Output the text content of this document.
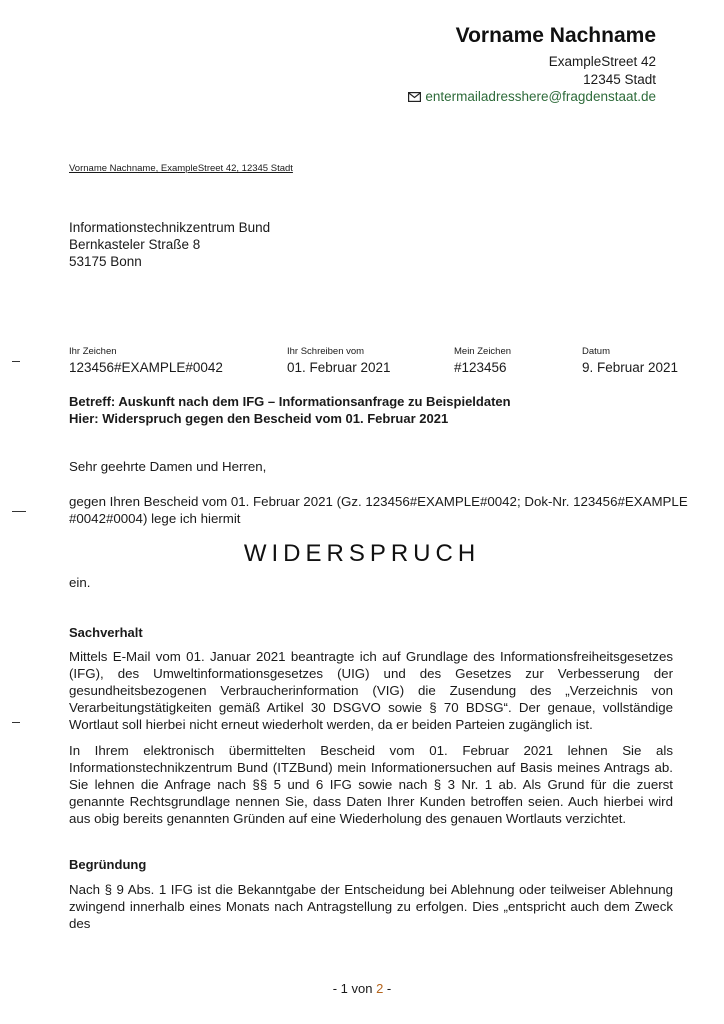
Vorname Nachname
ExampleStreet 42
12345 Stadt
entermailadresshere@fragdenstaat.de
Vorname Nachname, ExampleStreet 42, 12345 Stadt
Informationstechnikzentrum Bund
Bernkasteler Straße 8
53175 Bonn
Ihr Zeichen
123456#EXAMPLE#0042
Ihr Schreiben vom
01. Februar 2021
Mein Zeichen
#123456
Datum
9. Februar 2021
Betreff: Auskunft nach dem IFG – Informationsanfrage zu Beispieldaten
Hier: Widerspruch gegen den Bescheid vom 01. Februar 2021
Sehr geehrte Damen und Herren,
gegen Ihren Bescheid vom 01. Februar 2021 (Gz. 123456#EXAMPLE#0042; Dok-Nr. 123456#EXAMPLE
#0042#0004) lege ich hiermit
WIDERSPRUCH
ein.
Sachverhalt
Mittels E-Mail vom 01. Januar 2021 beantragte ich auf Grundlage des Informationsfreiheitsgesetzes (IFG), des Umweltinformationsgesetzes (UIG) und des Gesetzes zur Verbesserung der gesundheitsbezogenen Verbraucherinformation (VIG) die Zusendung des „Verzeichnis von Verarbeitungstätigkeiten gemäß Artikel 30 DSGVO sowie § 70 BDSG“. Der genaue, vollständige Wortlaut soll hierbei nicht erneut wiederholt werden, da er beiden Parteien zugänglich ist.
In Ihrem elektronisch übermittelten Bescheid vom 01. Februar 2021 lehnen Sie als Informationstechnikzentrum Bund (ITZBund) mein Informationersuchen auf Basis meines Antrags ab. Sie lehnen die Anfrage nach §§ 5 und 6 IFG sowie nach § 3 Nr. 1 ab. Als Grund für die zuerst genannte Rechtsgrundlage nennen Sie, dass Daten Ihrer Kunden betroffen seien. Auch hierbei wird aus obig bereits genannten Gründen auf eine Wiederholung des genauen Wortlauts verzichtet.
Begründung
Nach § 9 Abs. 1 IFG ist die Bekanntgabe der Entscheidung bei Ablehnung oder teilweiser Ablehnung zwingend innerhalb eines Monats nach Antragstellung zu erfolgen. Dies „entspricht auch dem Zweck des
- 1 von 2 -
